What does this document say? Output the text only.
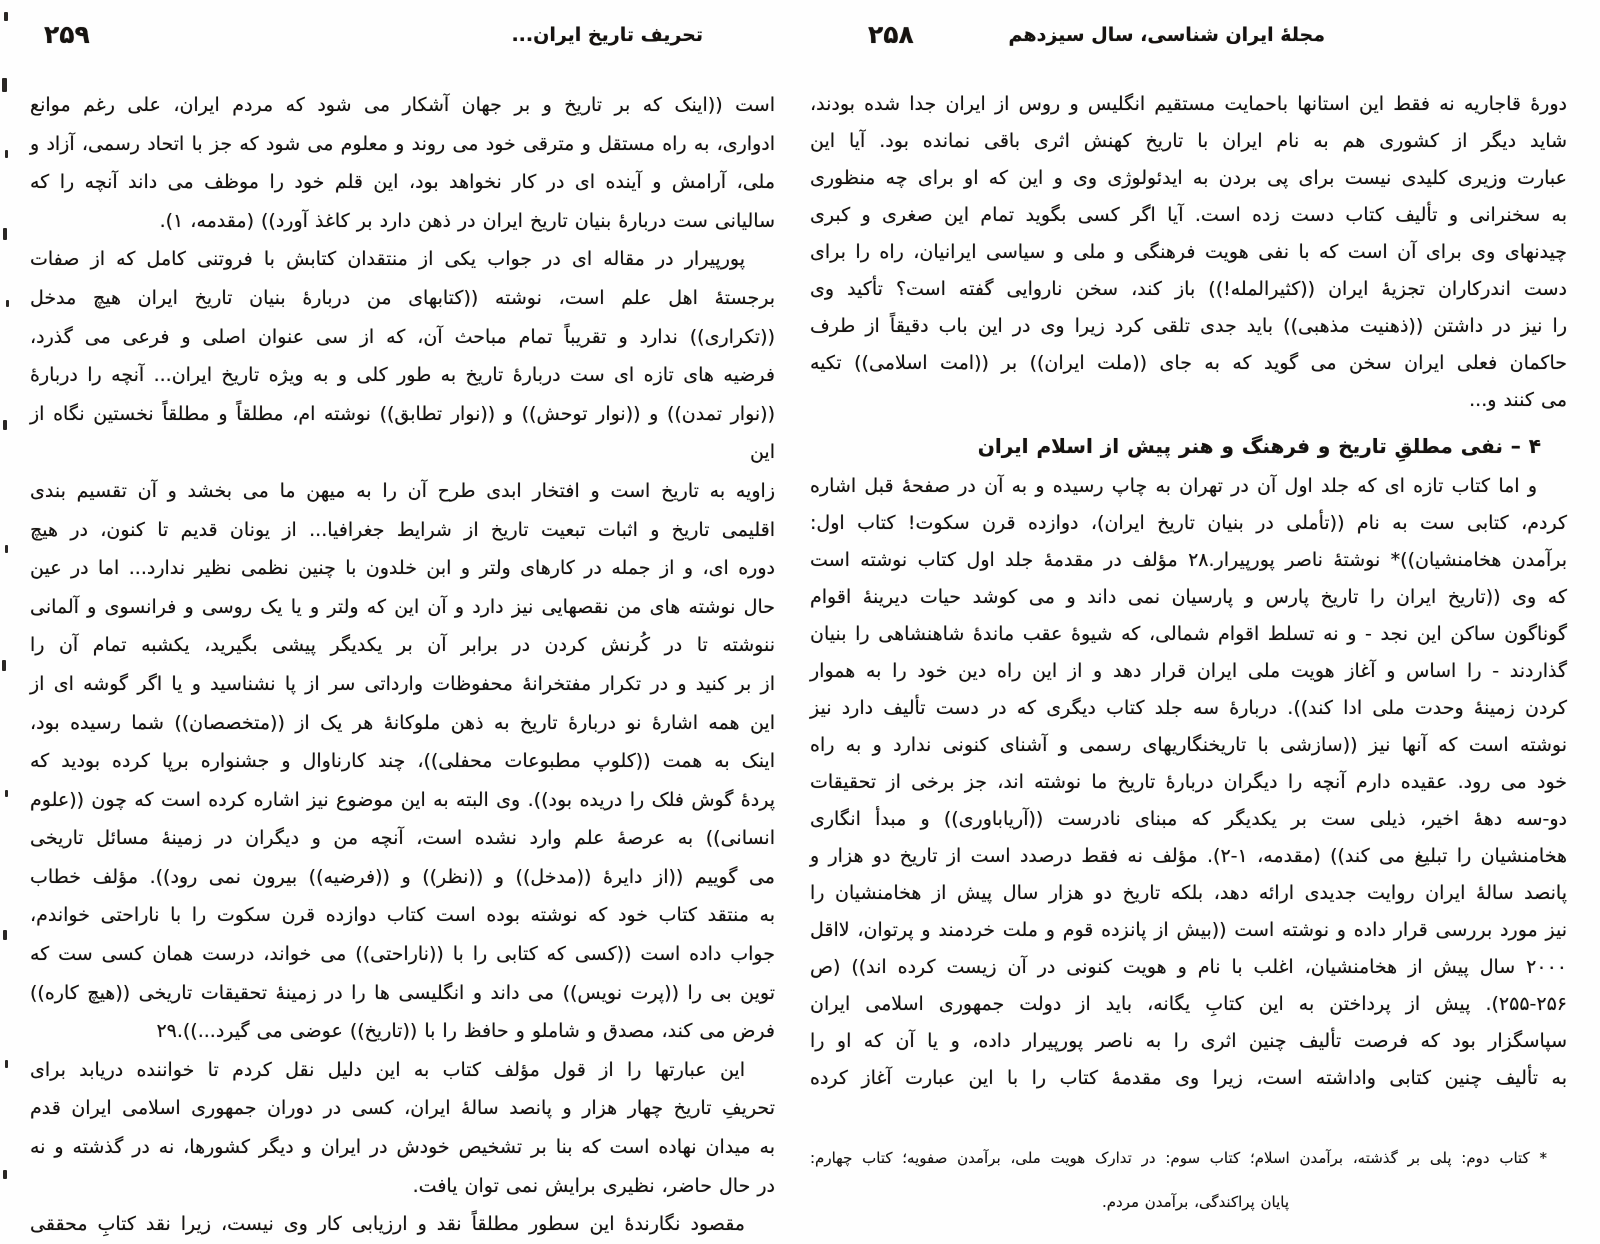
۲۵۹	تحریف تاریخ ایران...
است ((اینک که بر تاریخ و بر جهان آشکار می شود که مردم ایران، علی رغم موانع
ادواری، به راه مستقل و مترقی خود می روند و معلوم می شود که جز با اتحاد رسمی، آزاد و
ملی، آرامش و آینده ای در کار نخواهد بود، این قلم خود را موظف می داند آنچه را که
سالیانی ست دربارهٔ بنیان تاریخ ایران در ذهن دارد بر کاغذ آورد)) (مقدمه، ۱).
پورپیرار در مقاله ای در جواب یکی از منتقدان کتابش با فروتنی کامل که از صفات
برجستهٔ اهل علم است، نوشته ((کتابهای من دربارهٔ بنیان تاریخ ایران هیچ مدخل
((تکراری)) ندارد و تقریباً تمام مباحث آن، که از سی عنوان اصلی و فرعی می گذرد،
فرضیه های تازه ای ست دربارهٔ تاریخ به طور کلی و به ویژه تاریخ ایران... آنچه را دربارهٔ
((نوار تمدن)) و ((نوار توحش)) و ((نوار تطابق)) نوشته ام، مطلقاً و مطلقاً نخستین نگاه از این
زاویه به تاریخ است و افتخار ابدی طرح آن را به میهن ما می بخشد و آن تقسیم بندی
اقلیمی تاریخ و اثبات تبعیت تاریخ از شرایط جغرافیا... از یونان قدیم تا کنون، در هیچ
دوره ای، و از جمله در کارهای ولتر و ابن خلدون با چنین نظمی نظیر ندارد... اما در عین
حال نوشته های من نقصهایی نیز دارد و آن این که ولتر و یا یک روسی و فرانسوی و آلمانی
ننوشته تا در کُرنش کردن در برابر آن بر یکدیگر پیشی بگیرید، یکشبه تمام آن را
از بر کنید و در تکرار مفتخرانهٔ محفوظات وارداتی سر از پا نشناسید و یا اگر گوشه ای از
این همه اشارهٔ نو دربارهٔ تاریخ به ذهن ملوکانهٔ هر یک از ((متخصصان)) شما رسیده بود،
اینک به همت ((کلوپ مطبوعات محفلی))، چند کارناوال و جشنواره برپا کرده بودید که
پردهٔ گوش فلک را دریده بود)). وی البته به این موضوع نیز اشاره کرده است که چون ((علوم
انسانی)) به عرصهٔ علم وارد نشده است، آنچه من و دیگران در زمینهٔ مسائل تاریخی
می گوییم ((از دایرهٔ ((مدخل)) و ((نظر)) و ((فرضیه)) بیرون نمی رود)). مؤلف خطاب
به منتقد کتاب خود که نوشته بوده است کتاب دوازده قرن سکوت را با ناراحتی خواندم،
جواب داده است ((کسی که کتابی را با ((ناراحتی)) می خواند، درست همان کسی ست که
توین بی را ((پرت نویس)) می داند و انگلیسی ها را در زمینهٔ تحقیقات تاریخی ((هیچ کاره))
فرض می کند، مصدق و شاملو و حافظ را با ((تاریخ)) عوضی می گیرد...)).۲۹
این عبارتها را از قول مؤلف کتاب به این دلیل نقل کردم تا خواننده دریابد برای
تحریفِ تاریخ چهار هزار و پانصد سالهٔ ایران، کسی در دوران جمهوری اسلامی ایران قدم
به میدان نهاده است که بنا بر تشخیص خودش در ایران و دیگر کشورها، نه در گذشته و نه
در حال حاضر، نظیری برایش نمی توان یافت.
مقصود نگارندهٔ این سطور مطلقاً نقد و ارزیابی کار وی نیست، زیرا نقد کتابِ محققی
۲۵۸	مجلهٔ ایران شناسی، سال سیزدهم
دورهٔ قاجاریه نه فقط این استانها باحمایت مستقیم انگلیس و روس از ایران جدا شده بودند،
شاید دیگر از کشوری هم به نام ایران با تاریخ کهنش اثری باقی نمانده بود. آیا این
عبارت وزیری کلیدی نیست برای پی بردن به ایدئولوژی وی و این که او برای چه منظوری
به سخنرانی و تألیف کتاب دست زده است. آیا اگر کسی بگوید تمام این صغری و کبری
چیدنهای وی برای آن است که با نفی هویت فرهنگی و ملی و سیاسی ایرانیان، راه را برای
دست اندرکاران تجزیهٔ ایران ((کثیرالمله!)) باز کند، سخن ناروایی گفته است؟ تأکید وی
را نیز در داشتن ((ذهنیت مذهبی)) باید جدی تلقی کرد زیرا وی در این باب دقیقاً از طرف
حاکمان فعلی ایران سخن می گوید که به جای ((ملت ایران)) بر ((امت اسلامی)) تکیه
می کنند و...
۴ – نفی مطلقِ تاریخ و فرهنگ و هنر پیش از اسلام ایران
و اما کتاب تازه ای که جلد اول آن در تهران به چاپ رسیده و به آن در صفحهٔ قبل اشاره
کردم، کتابی ست به نام ((تأملی در بنیان تاریخ ایران)، دوازده قرن سکوت! کتاب اول:
برآمدن هخامنشیان))* نوشتهٔ ناصر پورپیرار.۲۸ مؤلف در مقدمهٔ جلد اول کتاب نوشته است
که وی ((تاریخ ایران را تاریخ پارس و پارسیان نمی داند و می کوشد حیات دیرینهٔ اقوام
گوناگون ساکن این نجد - و نه تسلط اقوام شمالی، که شیوهٔ عقب ماندهٔ شاهنشاهی را بنیان
گذاردند - را اساس و آغاز هویت ملی ایران قرار دهد و از این راه دین خود را به هموار
کردن زمینهٔ وحدت ملی ادا کند)). دربارهٔ سه جلد کتاب دیگری که در دست تألیف دارد نیز
نوشته است که آنها نیز ((سازشی با تاریخنگاریهای رسمی و آشنای کنونی ندارد و به راه
خود می رود. عقیده دارم آنچه را دیگران دربارهٔ تاریخ ما نوشته اند، جز برخی از تحقیقات
دو-سه دههٔ اخیر، ذیلی ست بر یکدیگر که مبنای نادرست ((آریاباوری)) و مبدأ انگاری
هخامنشیان را تبلیغ می کند)) (مقدمه، ۱-۲). مؤلف نه فقط درصدد است از تاریخ دو هزار و
پانصد سالهٔ ایران روایت جدیدی ارائه دهد، بلکه تاریخ دو هزار سال پیش از هخامنشیان را
نیز مورد بررسی قرار داده و نوشته است ((بیش از پانزده قوم و ملت خردمند و پرتوان، لااقل
۲۰۰۰ سال پیش از هخامنشیان، اغلب با نام و هویت کنونی در آن زیست کرده اند)) (ص
۲۵۵-۲۵۶). پیش از پرداختن به این کتابِ یگانه، باید از دولت جمهوری اسلامی ایران
سپاسگزار بود که فرصت تألیف چنین اثری را به ناصر پورپیرار داده، و یا آن که او را
به تألیف چنین کتابی واداشته است، زیرا وی مقدمهٔ کتاب را با این عبارت آغاز کرده
* کتاب دوم: پلی بر گذشته، برآمدن اسلام؛ کتاب سوم: در تدارک هویت ملی، برآمدن صفویه؛ کتاب چهارم:
پایان پراکندگی، برآمدن مردم.
